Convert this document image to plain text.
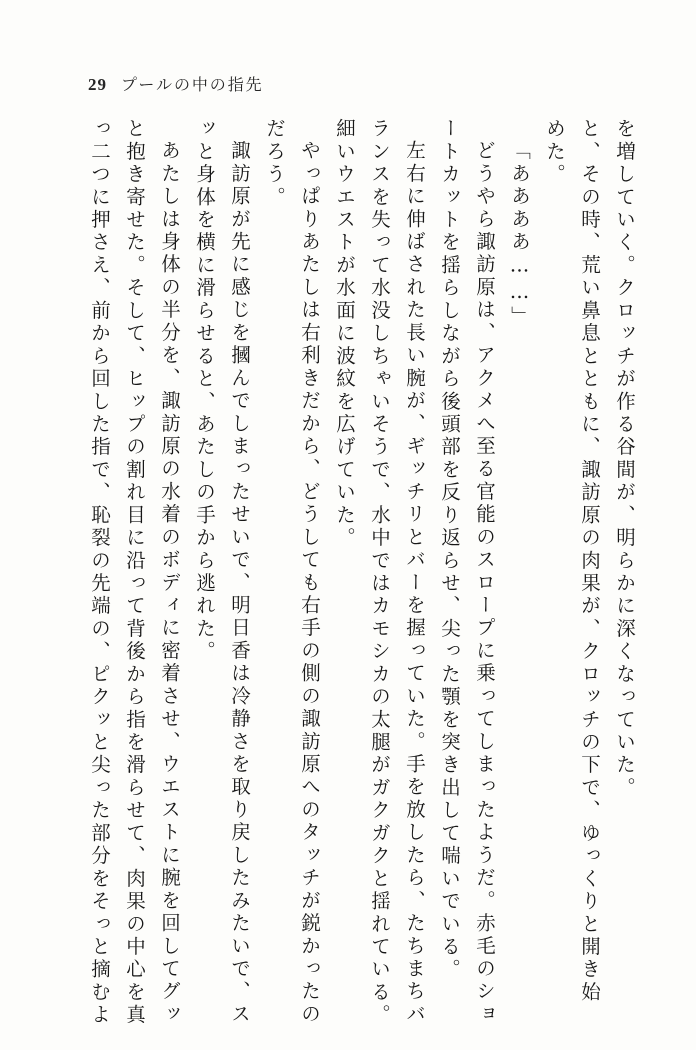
29 プールの中の指先
を増していく。クロッチが作る谷間が、明らかに深くなっていた。
と、その時、荒い鼻息とともに、諏訪原の肉果が、クロッチの下で、ゆっくりと開き始
めた。
「ああああ……」
どうやら諏訪原は、アクメへ至る官能のスロープに乗ってしまったようだ。赤毛のショ
ートカットを揺らしながら後頭部を反り返らせ、尖った顎を突き出して喘いでいる。
左右に伸ばされた長い腕が、ギッチリとバーを握っていた。手を放したら、たちまちバ
ランスを失って水没しちゃいそうで、水中ではカモシカの太腿がガクガクと揺れている。
細いウエストが水面に波紋を広げていた。
やっぱりあたしは右利きだから、どうしても右手の側の諏訪原へのタッチが鋭かったの
だろう。
諏訪原が先に感じを摑んでしまったせいで、明日香は冷静さを取り戻したみたいで、ス
ッと身体を横に滑らせると、あたしの手から逃れた。
あたしは身体の半分を、諏訪原の水着のボディに密着させ、ウエストに腕を回してグッ
と抱き寄せた。そして、ヒップの割れ目に沿って背後から指を滑らせて、肉果の中心を真
っ二つに押さえ、前から回した指で、恥裂の先端の、ピクッと尖った部分をそっと摘むよ
